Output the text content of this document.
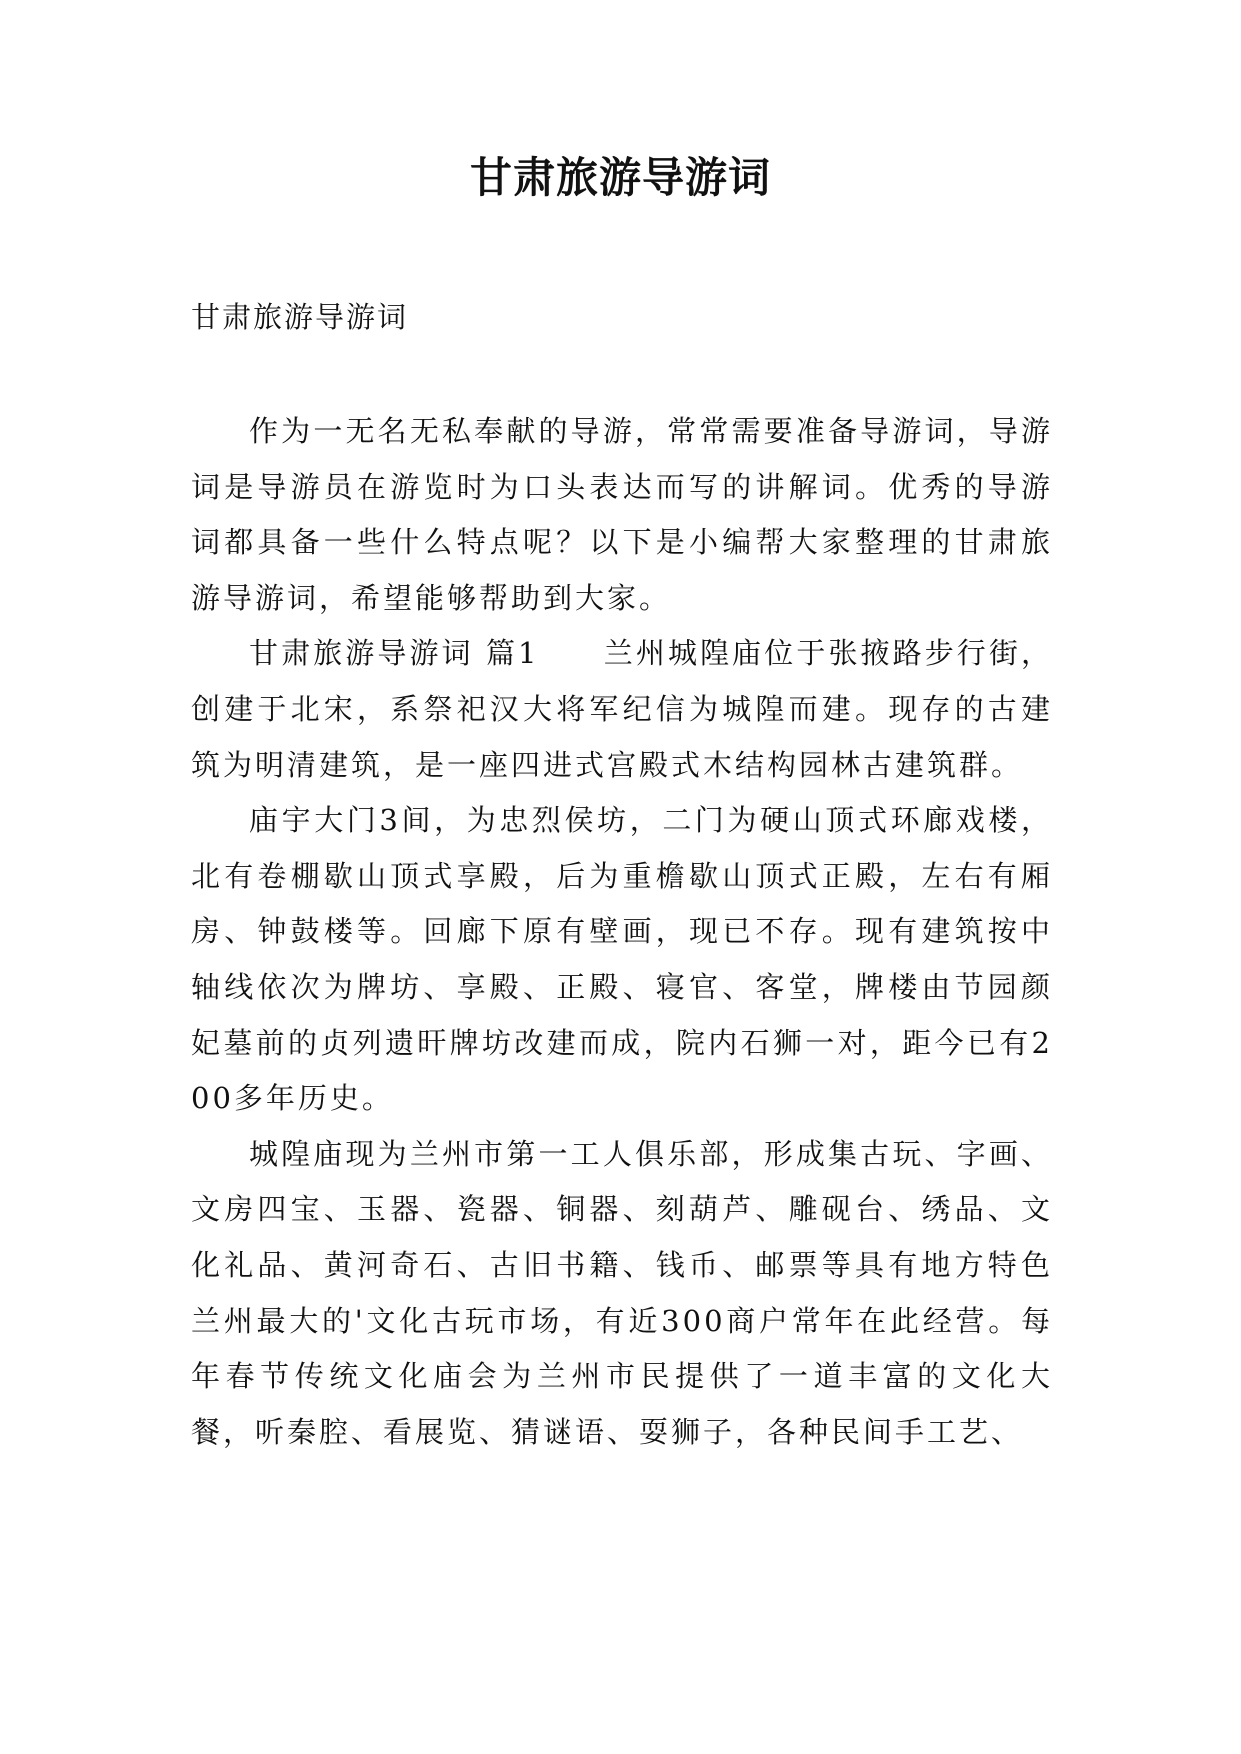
甘肃旅游导游词

甘肃旅游导游词

作为一无名无私奉献的导游，常常需要准备导游词，导游词是导游员在游览时为口头表达而写的讲解词。优秀的导游词都具备一些什么特点呢？以下是小编帮大家整理的甘肃旅游导游词，希望能够帮助到大家。

甘肃旅游导游词 篇1　　兰州城隍庙位于张掖路步行街，创建于北宋，系祭祀汉大将军纪信为城隍而建。现存的古建筑为明清建筑，是一座四进式宫殿式木结构园林古建筑群。

庙宇大门3间，为忠烈侯坊，二门为硬山顶式环廊戏楼，北有卷棚歇山顶式享殿，后为重檐歇山顶式正殿，左右有厢房、钟鼓楼等。回廊下原有壁画，现已不存。现有建筑按中轴线依次为牌坊、享殿、正殿、寝官、客堂，牌楼由节园颜妃墓前的贞列遗旰牌坊改建而成，院内石狮一对，距今已有200多年历史。

城隍庙现为兰州市第一工人俱乐部，形成集古玩、字画、文房四宝、玉器、瓷器、铜器、刻葫芦、雕砚台、绣品、文化礼品、黄河奇石、古旧书籍、钱币、邮票等具有地方特色兰州最大的'文化古玩市场，有近300商户常年在此经营。每年春节传统文化庙会为兰州市民提供了一道丰富的文化大餐，听秦腔、看展览、猜谜语、耍狮子，各种民间手工艺、
